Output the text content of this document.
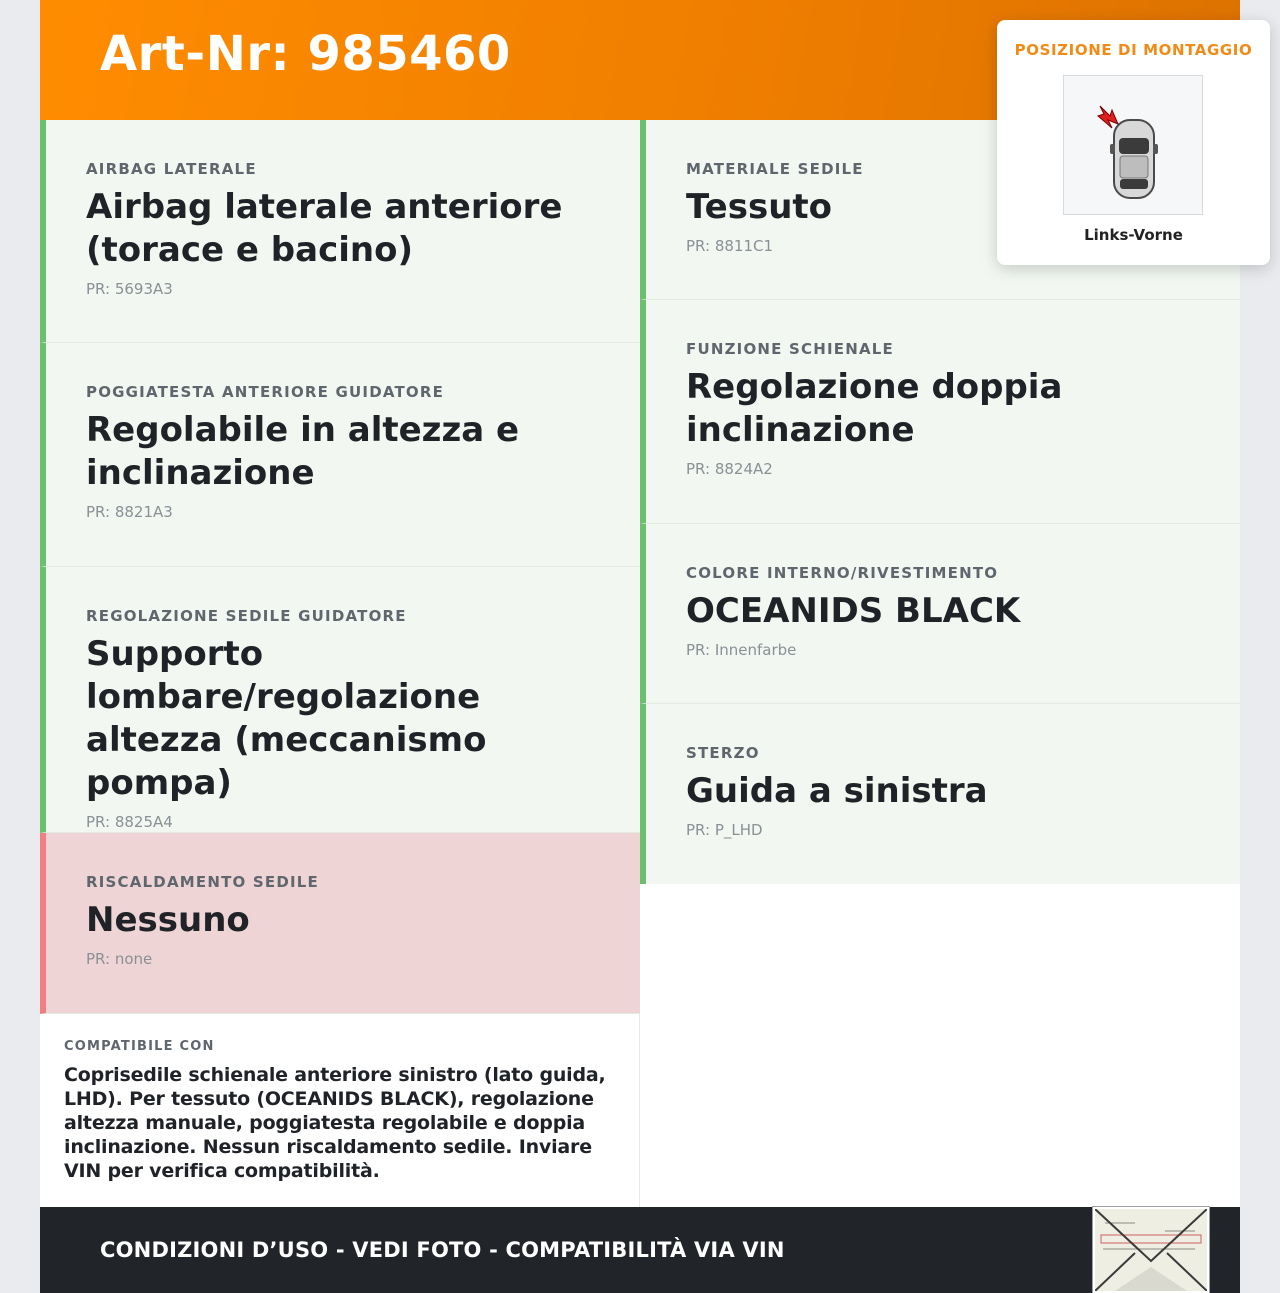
Art-Nr: 985460
AIRBAG LATERALE
Airbag laterale anteriore (torace e bacino)
PR: 5693A3
POGGIATESTA ANTERIORE GUIDATORE
Regolabile in altezza e inclinazione
PR: 8821A3
REGOLAZIONE SEDILE GUIDATORE
Supporto lombare/regolazione altezza (meccanismo pompa)
PR: 8825A4
RISCALDAMENTO SEDILE
Nessuno
PR: none
MATERIALE SEDILE
Tessuto
PR: 8811C1
FUNZIONE SCHIENALE
Regolazione doppia inclinazione
PR: 8824A2
COLORE INTERNO/RIVESTIMENTO
OCEANIDS BLACK
PR: Innenfarbe
STERZO
Guida a sinistra
PR: P_LHD
COMPATIBILE CON
Coprisedile schienale anteriore sinistro (lato guida, LHD). Per tessuto (OCEANIDS BLACK), regolazione altezza manuale, poggiatesta regolabile e doppia inclinazione. Nessun riscaldamento sedile. Inviare VIN per verifica compatibilità.
CONDIZIONI D’USO - VEDI FOTO - COMPATIBILITÀ VIA VIN
POSIZIONE DI MONTAGGIO
Links-Vorne
